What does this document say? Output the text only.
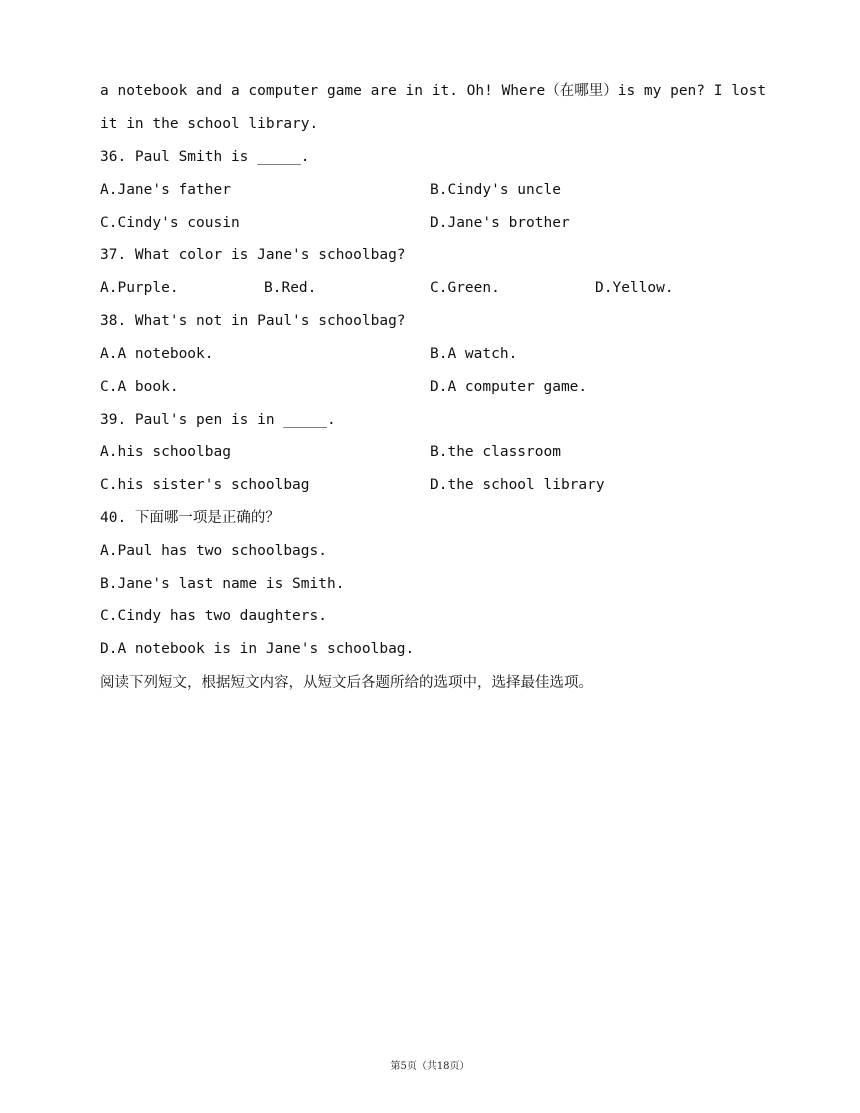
a notebook and a computer game are in it. Oh! Where（在哪里）is my pen? I lost
it in the school library.
36. Paul Smith is _____.
A.Jane's father	B.Cindy's uncle
C.Cindy's cousin	D.Jane's brother
37. What color is Jane's schoolbag?
A.Purple.	B.Red.	C.Green.	D.Yellow.
38. What's not in Paul's schoolbag?
A.A notebook.	B.A watch.
C.A book.	D.A computer game.
39. Paul's pen is in _____.
A.his schoolbag	B.the classroom
C.his sister's schoolbag	D.the school library
40. 下面哪一项是正确的？
A.Paul has two schoolbags.
B.Jane's last name is Smith.
C.Cindy has two daughters.
D.A notebook is in Jane's schoolbag.
阅读下列短文，根据短文内容，从短文后各题所给的选项中，选择最佳选项。
第5页（共18页）
